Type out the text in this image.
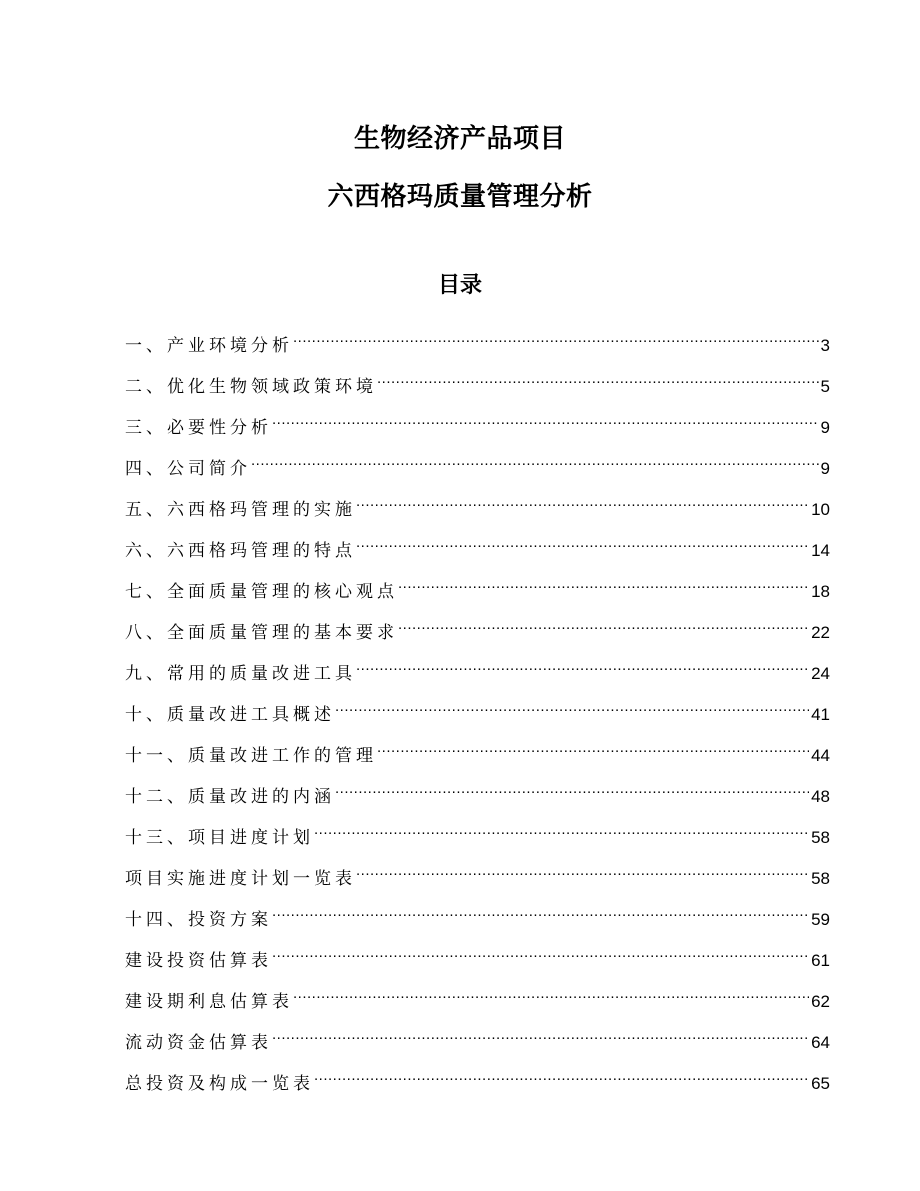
生物经济产品项目
六西格玛质量管理分析
目录
一、 产业环境分析 .....	3
二、 优化生物领域政策环境 .....	5
三、 必要性分析 .....	9
四、 公司简介 .....	9
五、 六西格玛管理的实施 .....	10
六、 六西格玛管理的特点 .....	14
七、 全面质量管理的核心观点 .....	18
八、 全面质量管理的基本要求 .....	22
九、 常用的质量改进工具 .....	24
十、 质量改进工具概述 .....	41
十一、 质量改进工作的管理 .....	44
十二、 质量改进的内涵 .....	48
十三、 项目进度计划 .....	58
项目实施进度计划一览表 .....	58
十四、 投资方案 .....	59
建设投资估算表 .....	61
建设期利息估算表 .....	62
流动资金估算表 .....	64
总投资及构成一览表 .....	65
